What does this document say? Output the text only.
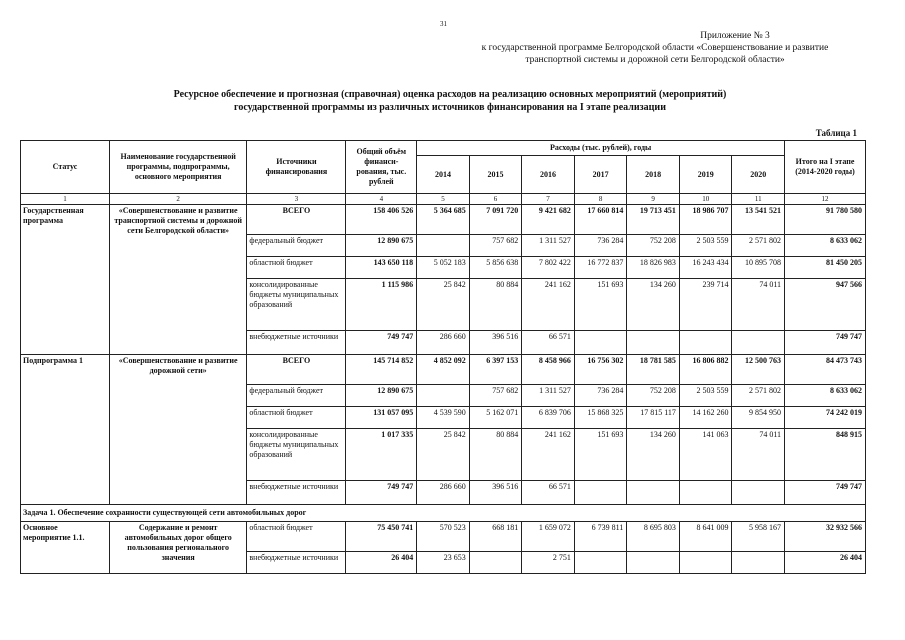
31
Приложение № 3
к государственной программе Белгородской области «Совершенствование и развитие
транспортной системы и дорожной сети Белгородской области»
Ресурсное обеспечение и прогнозная (справочная) оценка расходов на реализацию основных мероприятий (мероприятий)
государственной программы из различных источников финансирования на I этапе реализации
Таблица 1
Статус	Наименование государственной программы, подпрограммы, основного мероприятия	Источники финансирования	Общий объём финанси-рования, тыс. рублей	Расходы (тыс. рублей), годы							Итого на I этапе (2014-2020 годы)
				2014	2015	2016	2017	2018	2019	2020	
1	2	3	4	5	6	7	8	9	10	11	12
Государственная программа	«Совершенствование и развитие транспортной системы и дорожной сети Белгородской области»	ВСЕГО	158 406 526	5 364 685	7 091 720	9 421 682	17 660 814	19 713 451	18 986 707	13 541 521	91 780 580
		федеральный бюджет	12 890 675		757 682	1 311 527	736 284	752 208	2 503 559	2 571 802	8 633 062
		областной бюджет	143 650 118	5 052 183	5 856 638	7 802 422	16 772 837	18 826 983	16 243 434	10 895 708	81 450 205
		консолидированные бюджеты муниципальных образований	1 115 986	25 842	80 884	241 162	151 693	134 260	239 714	74 011	947 566
		внебюджетные источники	749 747	286 660	396 516	66 571					749 747
Подпрограмма 1	«Совершенствование и развитие дорожной сети»	ВСЕГО	145 714 852	4 852 092	6 397 153	8 458 966	16 756 302	18 781 585	16 806 882	12 500 763	84 473 743
		федеральный бюджет	12 890 675		757 682	1 311 527	736 284	752 208	2 503 559	2 571 802	8 633 062
		областной бюджет	131 057 095	4 539 590	5 162 071	6 839 706	15 868 325	17 815 117	14 162 260	9 854 950	74 242 019
		консолидированные бюджеты муниципальных образований	1 017 335	25 842	80 884	241 162	151 693	134 260	141 063	74 011	848 915
		внебюджетные источники	749 747	286 660	396 516	66 571					749 747
Задача 1. Обеспечение сохранности существующей сети автомобильных дорог											
Основное мероприятие 1.1.	Содержание и ремонт автомобильных дорог общего пользования регионального значения	областной бюджет	75 450 741	570 523	668 181	1 659 072	6 739 811	8 695 803	8 641 009	5 958 167	32 932 566
		внебюджетные источники	26 404	23 653		2 751					26 404
